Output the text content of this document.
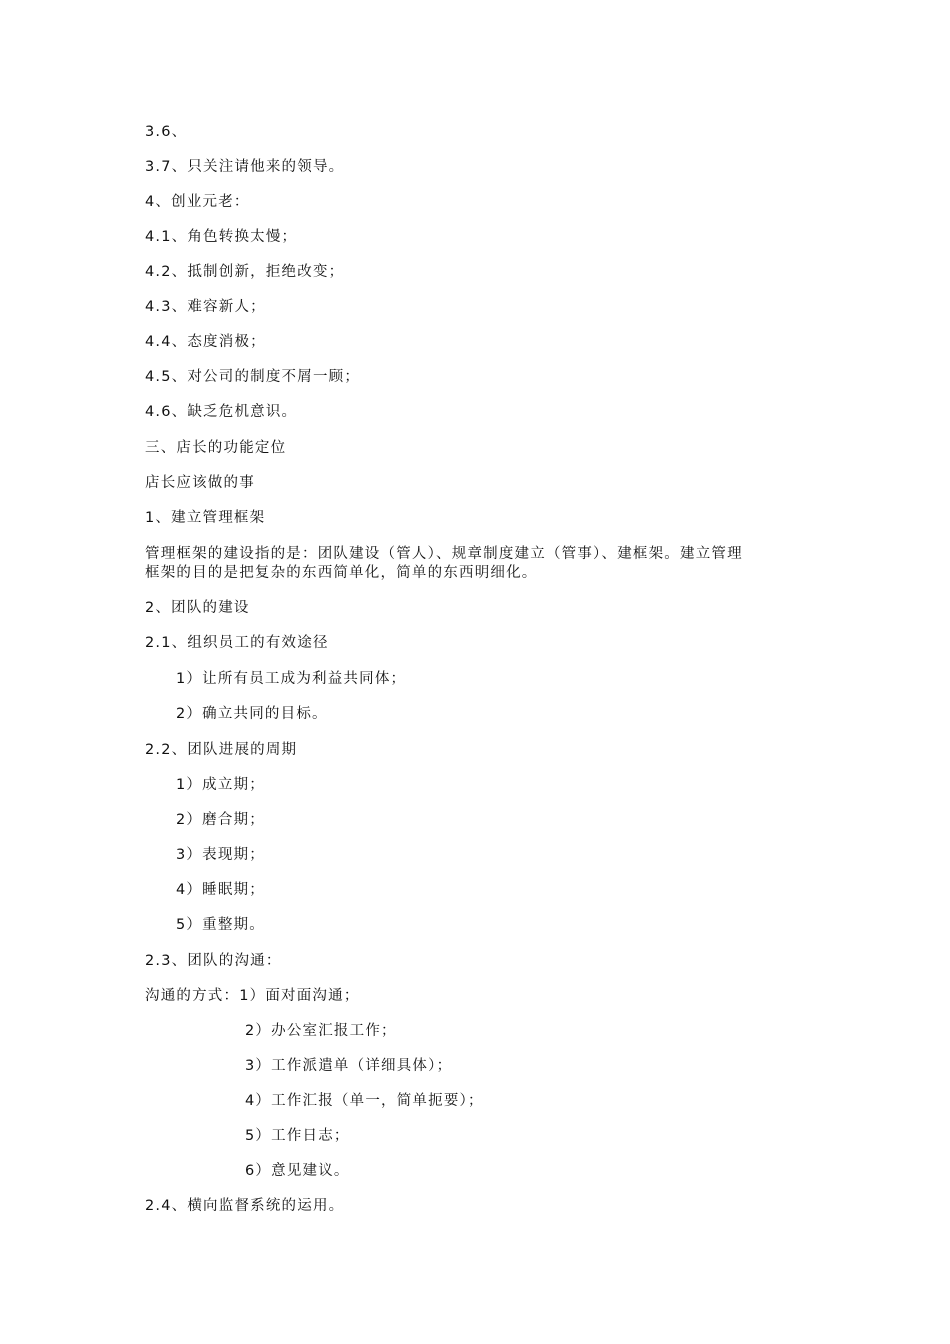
3.6、
3.7、只关注请他来的领导。
4、创业元老：
4.1、角色转换太慢；
4.2、抵制创新，拒绝改变；
4.3、难容新人；
4.4、态度消极；
4.5、对公司的制度不屑一顾；
4.6、缺乏危机意识。
三、店长的功能定位
店长应该做的事
1、建立管理框架
管理框架的建设指的是：团队建设（管人）、规章制度建立（管事）、建框架。建立管理
框架的目的是把复杂的东西简单化，简单的东西明细化。
2、团队的建设
2.1、组织员工的有效途径
1）让所有员工成为利益共同体；
2）确立共同的目标。
2.2、团队进展的周期
1）成立期；
2）磨合期；
3）表现期；
4）睡眠期；
5）重整期。
2.3、团队的沟通：
沟通的方式：1）面对面沟通；
2）办公室汇报工作；
3）工作派遣单（详细具体）；
4）工作汇报（单一，简单扼要）；
5）工作日志；
6）意见建议。
2.4、横向监督系统的运用。
